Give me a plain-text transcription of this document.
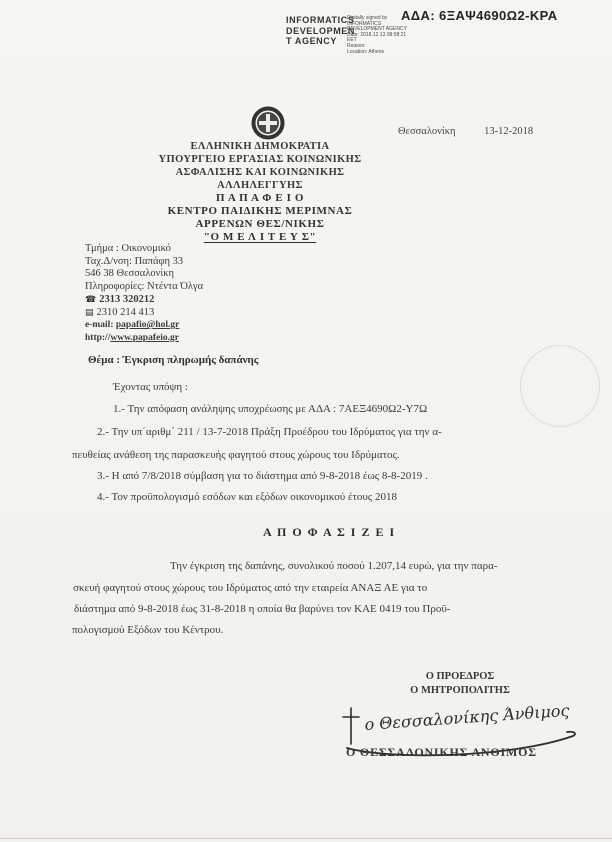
INFORMATICS
DEVELOPMEN
T AGENCY
Digitally signed by
INFORMATICS
DEVELOPMENT AGENCY
Date: 2018.12.13 08:58:21
EET
Reason:
Location: Athens
ΑΔΑ: 6ΞΑΨ4690Ω2-ΚΡΑ
ΕΛΛΗΝΙΚΗ ΔΗΜΟΚΡΑΤΙΑ
ΥΠΟΥΡΓΕΙΟ ΕΡΓΑΣΙΑΣ ΚΟΙΝΩΝΙΚΗΣ
ΑΣΦΑΛΙΣΗΣ ΚΑΙ ΚΟΙΝΩΝΙΚΗΣ
ΑΛΛΗΛΕΓΓΥΗΣ
Π Α Π Α Φ Ε Ι Ο
ΚΕΝΤΡΟ ΠΑΙΔΙΚΗΣ ΜΕΡΙΜΝΑΣ
ΑΡΡΕΝΩΝ ΘΕΣ/ΝΙΚΗΣ
"Ο Μ Ε Λ Ι Τ Ε Υ Σ"
Θεσσαλονίκη	13-12-2018
Τμήμα : Οικονομικό
Ταχ.Δ/νση: Παπάφη 33
546 38 Θεσσαλονίκη
Πληροφορίες: Ντέντα Όλγα
☎ 2313 320212
▤ 2310 214 413
e-mail: papafio@hol.gr
http://www.papafeio.gr
Θέμα : Έγκριση πληρωμής δαπάνης
Έχοντας υπόψη :
1.- Την απόφαση ανάληψης υποχρέωσης με ΑΔΑ : 7ΑΕΞ4690Ω2-Υ7Ω
2.- Την υπ΄αριθμ΄ 211 / 13-7-2018 Πράξη Προέδρου του Ιδρύματος για την α-
πευθείας ανάθεση της παρασκευής φαγητού στους χώρους του Ιδρύματος.
3.- Η από 7/8/2018 σύμβαση για το διάστημα από 9-8-2018 έως 8-8-2019 .
4.- Τον προϋπολογισμό εσόδων και εξόδων οικονομικού έτους 2018
Α Π Ο Φ Α Σ Ι Ζ Ε Ι
Την έγκριση της δαπάνης, συνολικού ποσού 1.207,14 ευρώ, για την παρα-
σκευή φαγητού στους χώρους του Ιδρύματος από την εταιρεία ΑΝΑΞ ΑΕ για το
διάστημα από 9-8-2018 έως 31-8-2018 η οποία θα βαρύνει τον ΚΑΕ 0419 του Προϋ-
πολογισμού Εξόδων του Κέντρου.
Ο ΠΡΟΕΔΡΟΣ
Ο ΜΗΤΡΟΠΟΛΙΤΗΣ
ο Θεσσαλονίκης Άνθιμος
Ο ΘΕΣΣΑΛΟΝΙΚΗΣ ΑΝΘΙΜΟΣ
